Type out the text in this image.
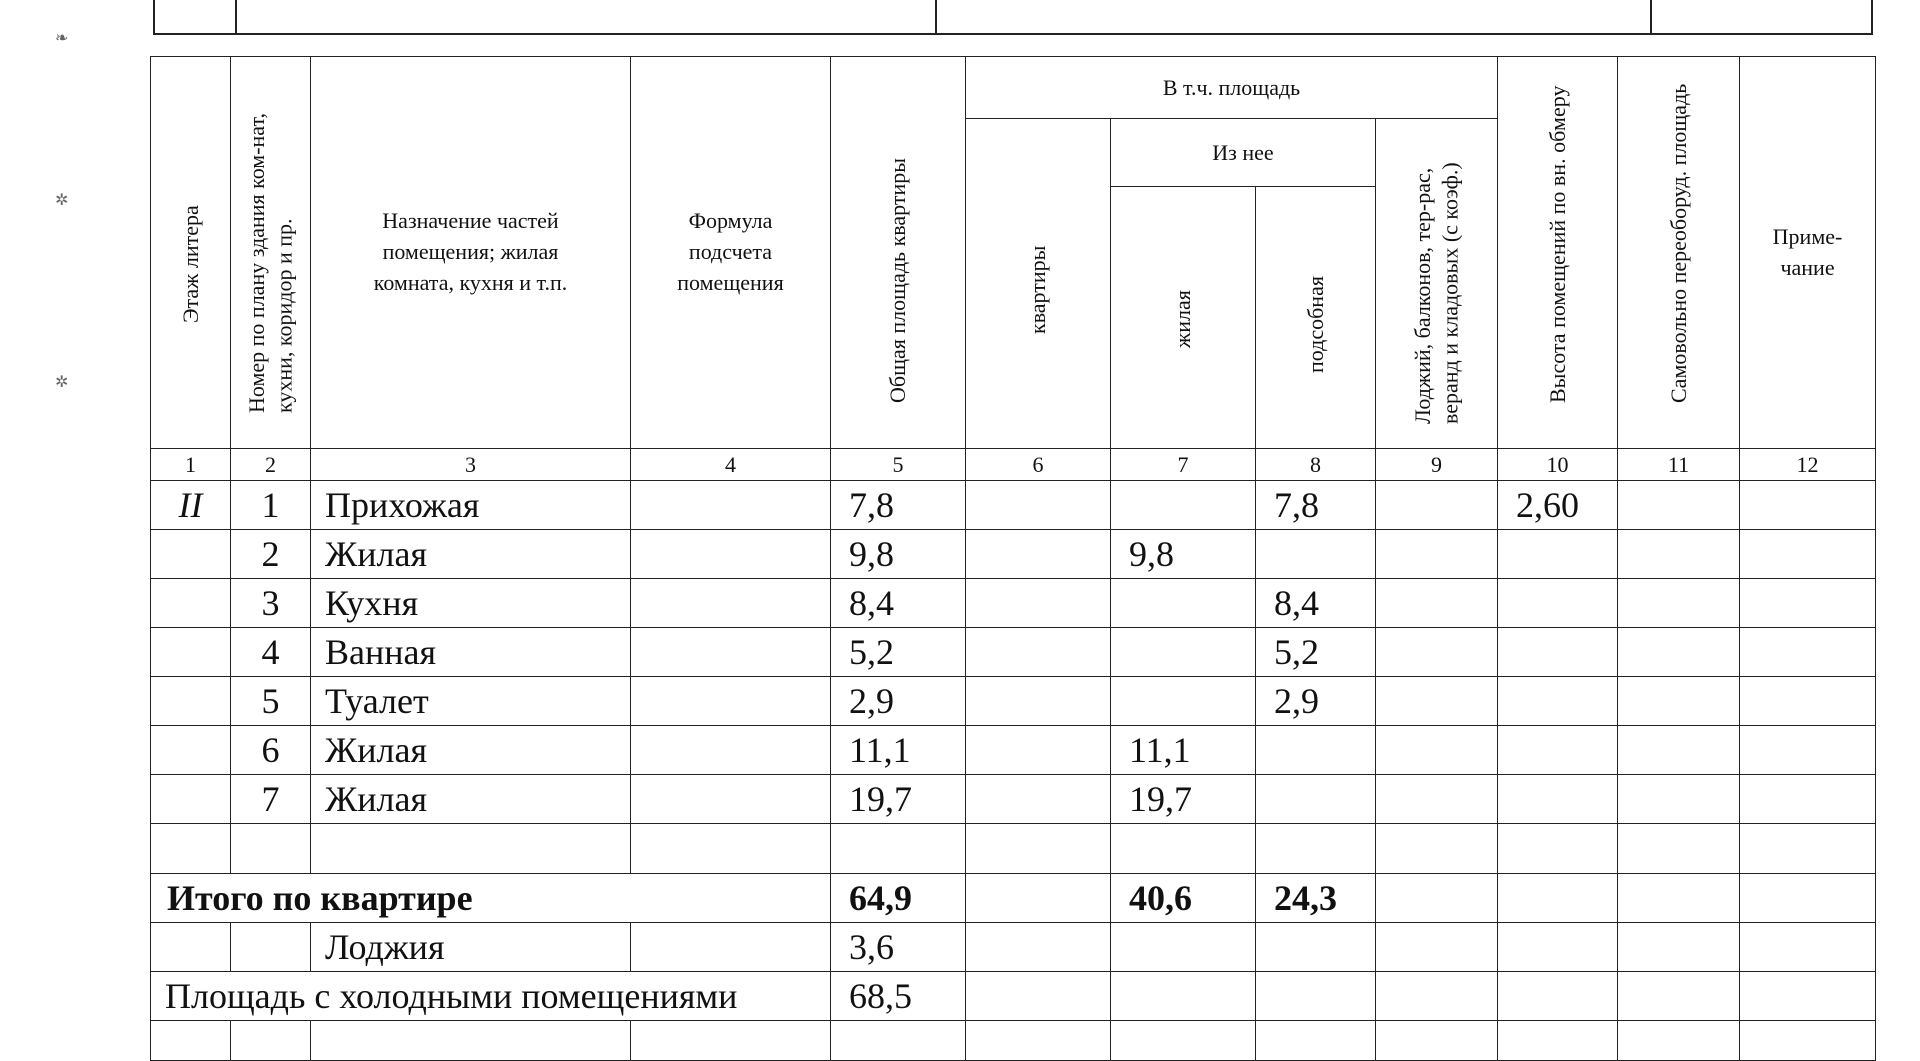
❧
✲
✲
Этаж литера	Номер по плану здания ком-нат, кухни, коридор и пр.	Назначение частей помещения; жилая комната, кухня и т.п.	Формула подсчета помещения	Общая площадь квартиры	В т.ч. площадь				Высота помещений по вн. обмеру	Самовольно переоборуд. площадь	Приме-чание

					квартиры	Из нее		Лоджий, балконов, тер-рас, веранд и кладовых (с коэф.)			

						жилая	подсобная				

1	2	3	4	5	6	7	8	9	10	11	12
II	1	Прихожая		7,8			7,8		2,60		
	2	Жилая		9,8		9,8					
	3	Кухня		8,4			8,4				
	4	Ванная		5,2			5,2				
	5	Туалет		2,9			2,9				
	6	Жилая		11,1		11,1					
	7	Жилая		19,7		19,7					

Итого по квартире				64,9		40,6	24,3				
		Лоджия		3,6							
Площадь с холодными помещениями				68,5							
